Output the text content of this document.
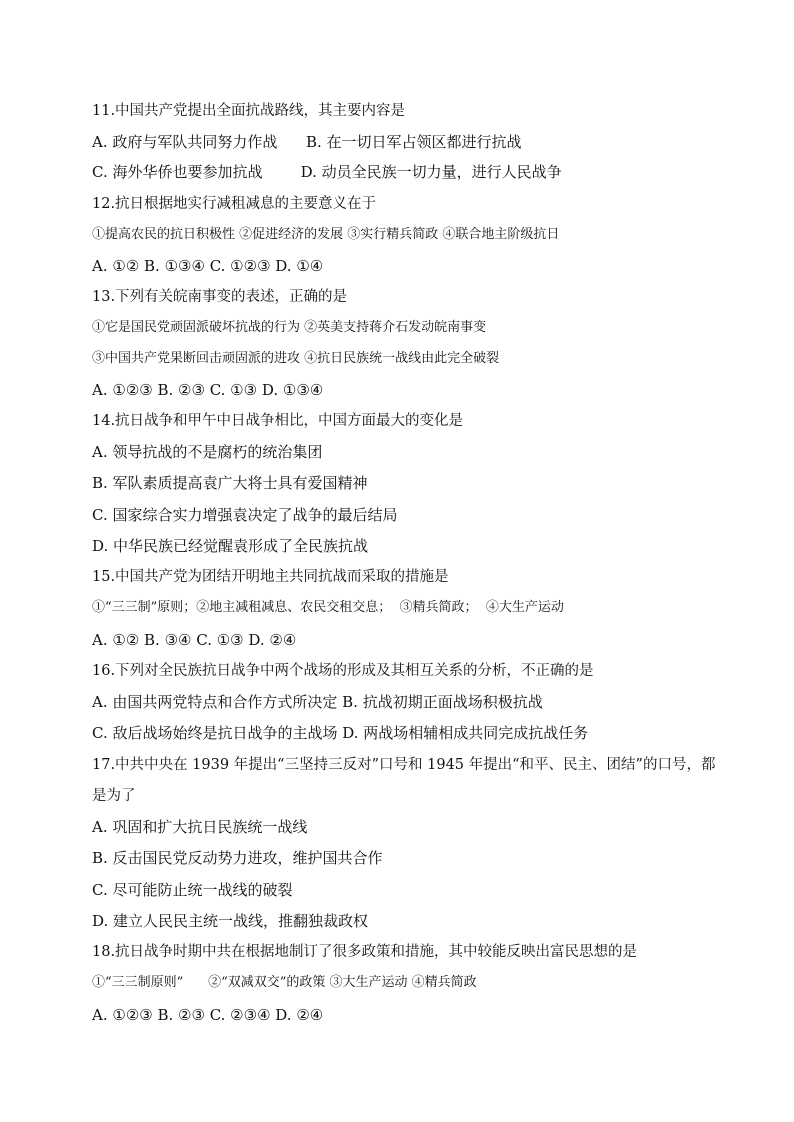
11.中国共产党提出全面抗战路线，其主要内容是
A. 政府与军队共同努力作战      B. 在一切日军占领区都进行抗战
C. 海外华侨也要参加抗战        D. 动员全民族一切力量，进行人民战争
12.抗日根据地实行减租减息的主要意义在于
①提高农民的抗日积极性 ②促进经济的发展 ③实行精兵简政 ④联合地主阶级抗日
A. ①② B. ①③④ C. ①②③ D. ①④
13.下列有关皖南事变的表述，正确的是
①它是国民党顽固派破坏抗战的行为 ②英美支持蒋介石发动皖南事变
③中国共产党果断回击顽固派的进攻 ④抗日民族统一战线由此完全破裂
A. ①②③ B. ②③ C. ①③ D. ①③④
14.抗日战争和甲午中日战争相比，中国方面最大的变化是
A. 领导抗战的不是腐朽的统治集团
B. 军队素质提高袁广大将士具有爱国精神
C. 国家综合实力增强袁决定了战争的最后结局
D. 中华民族已经觉醒袁形成了全民族抗战
15.中国共产党为团结开明地主共同抗战而采取的措施是
①“三三制”原则；②地主减租减息、农民交租交息；  ③精兵简政；  ④大生产运动
A. ①② B. ③④ C. ①③ D. ②④
16.下列对全民族抗日战争中两个战场的形成及其相互关系的分析，不正确的是
A. 由国共两党特点和合作方式所决定 B. 抗战初期正面战场积极抗战
C. 敌后战场始终是抗日战争的主战场 D. 两战场相辅相成共同完成抗战任务
17.中共中央在 1939 年提出“三坚持三反对”口号和 1945 年提出“和平、民主、团结”的口号，都
是为了
A. 巩固和扩大抗日民族统一战线
B. 反击国民党反动势力进攻，维护国共合作
C. 尽可能防止统一战线的破裂
D. 建立人民民主统一战线，推翻独裁政权
18.抗日战争时期中共在根据地制订了很多政策和措施，其中较能反映出富民思想的是
①“三三制原则”      ②“双减双交”的政策 ③大生产运动 ④精兵简政
A. ①②③ B. ②③ C. ②③④ D. ②④
